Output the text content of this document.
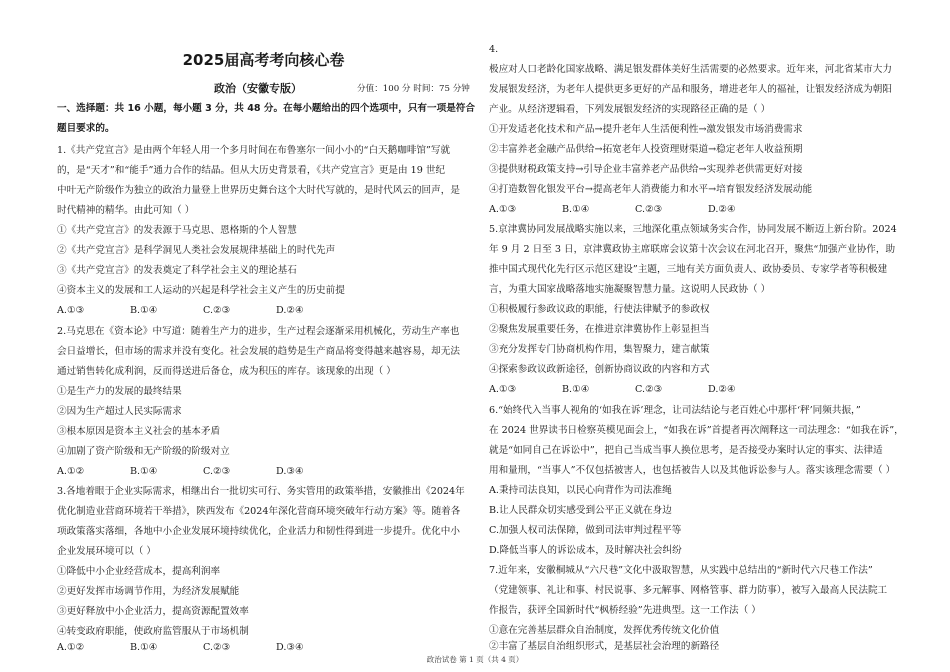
2025届高考考向核心卷
政治（安徽专版）	分值：100 分 时间：75 分钟
一、选择题：共 16 小题，每小题 3 分，共 48 分。在每小题给出的四个选项中，只有一项是符合
题目要求的。
1.《共产党宣言》是由两个年轻人用一个多月时间在布鲁塞尔一间小小的“白天鹅咖啡馆”写就
的，是“天才”和“能手”通力合作的结晶。但从大历史背景看，《共产党宣言》更是由 19 世纪
中叶无产阶级作为独立的政治力量登上世界历史舞台这个大时代写就的，是时代风云的回声，是
时代精神的精华。由此可知（ ）
①《共产党宣言》的发表源于马克思、恩格斯的个人智慧
②《共产党宣言》是科学洞见人类社会发展规律基础上的时代先声
③《共产党宣言》的发表奠定了科学社会主义的理论基石
④资本主义的发展和工人运动的兴起是科学社会主义产生的历史前提
A.①③	B.①④	C.②③	D.②④
2.马克思在《资本论》中写道：随着生产力的进步，生产过程会逐渐采用机械化，劳动生产率也
会日益增长，但市场的需求并没有变化。社会发展的趋势是生产商品将变得越来越容易，却无法
通过销售转化成利润，反而得送进后备仓，成为积压的库存。该现象的出现（ ）
①是生产力的发展的最终结果
②因为生产超过人民实际需求
③根本原因是资本主义社会的基本矛盾
④加剧了资产阶级和无产阶级的阶级对立
A.①②	B.①④	C.②③	D.③④
3.各地着眼于企业实际需求，相继出台一批切实可行、务实管用的政策举措，安徽推出《2024年
优化制造业营商环境若干举措》，陕西发布《2024年深化营商环境突破年行动方案》等。随着各
项政策落实落细，各地中小企业发展环境持续优化，企业活力和韧性得到进一步提升。优化中小
企业发展环境可以（ ）
①降低中小企业经营成本，提高利润率
②更好发挥市场调节作用，为经济发展赋能
③更好释放中小企业活力，提高资源配置效率
④转变政府职能，使政府监管服从于市场机制
A.①②	B.①④	C.②③	D.③④
4.
极应对人口老龄化国家战略、满足银发群体美好生活需要的必然要求。近年来，河北省某市大力
发展银发经济，为老年人提供更多更好的产品和服务，增进老年人的福祉，让银发经济成为朝阳
产业。从经济逻辑看，下列发展银发经济的实现路径正确的是（ ）
①开发适老化技术和产品→提升老年人生活便利性→激发银发市场消费需求
②丰富养老金融产品供给→拓宽老年人投资理财渠道→稳定老年人收益预期
③提供财税政策支持→引导企业丰富养老产品供给→实现养老供需更好对接
④打造数智化银发平台→提高老年人消费能力和水平→培育银发经济发展动能
A.①③	B.①④	C.②③	D.②④
5.京津冀协同发展战略实施以来，三地深化重点领域务实合作，协同发展不断迈上新台阶。2024
年 9 月 2 日至 3 日，京津冀政协主席联席会议第十次会议在河北召开，聚焦“加强产业协作，助
推中国式现代化先行区示范区建设”主题，三地有关方面负责人、政协委员、专家学者等积极建
言，为重大国家战略落地实施凝聚智慧力量。这说明人民政协（ ）
①积极履行参政议政的职能，行使法律赋予的参政权
②聚焦发展重要任务，在推进京津冀协作上彰显担当
③充分发挥专门协商机构作用，集智聚力，建言献策
④探索参政议政新途径，创新协商议政的内容和方式
A.①③	B.①④	C.②③	D.②④
6.“始终代入当事人视角的‘如我在诉’理念，让司法结论与老百姓心中那杆‘秤’同频共振，”
在 2024 世界读书日检察英模见面会上，“如我在诉”首提者再次阐释这一司法理念：“如我在诉”，
就是“如同自己在诉讼中”，把自己当成当事人换位思考，是否接受办案时认定的事实、法律适
用和量刑，“当事人”不仅包括被害人，也包括被告人以及其他诉讼参与人。落实该理念需要（ ）
A.秉持司法良知，以民心向背作为司法准绳
B.让人民群众切实感受到公平正义就在身边
C.加强人权司法保障，做到司法审判过程平等
D.降低当事人的诉讼成本，及时解决社会纠纷
7.近年来，安徽桐城从“六尺巷”文化中汲取智慧，从实践中总结出的“新时代六尺巷工作法”
（党建领事、礼让和事、村民说事、多元解事、网格管事、群力防事），被写入最高人民法院工
作报告，获评全国新时代“枫桥经验”先进典型。这一工作法（ ）
①意在完善基层群众自治制度，发挥优秀传统文化价值
②丰富了基层自治组织形式，是基层社会治理的新路径
政治试卷 第 1 页（共 4 页）
